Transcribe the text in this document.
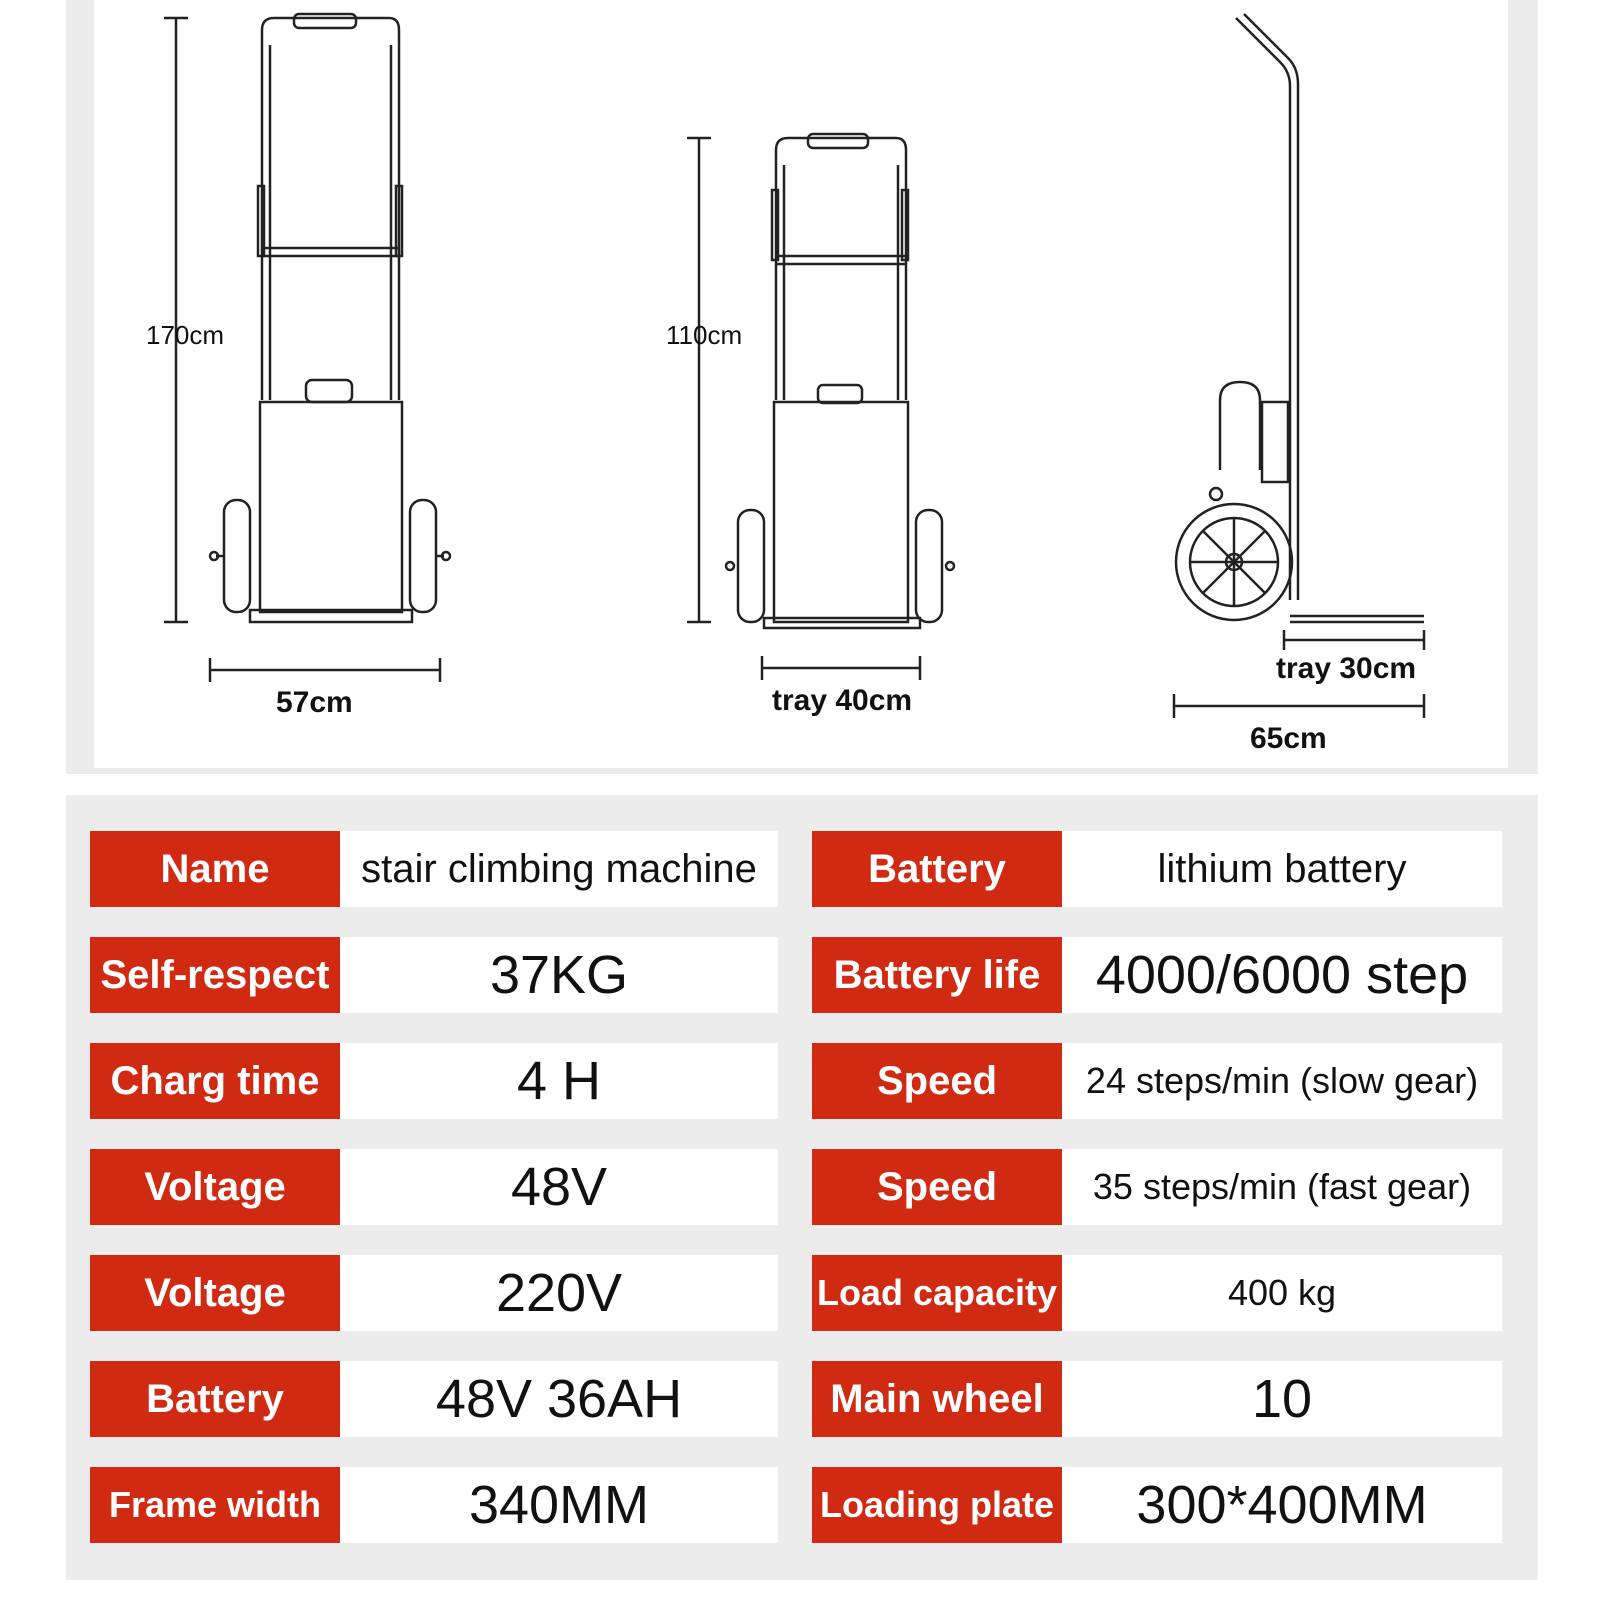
170cm
57cm
110cm
tray 40cm
tray 30cm
65cm
Name	stair climbing machine
Self-respect	37KG
Charg time	4 H
Voltage	48V
Voltage	220V
Battery	48V 36AH
Frame width	340MM
Battery	lithium battery
Battery life	4000/6000 step
Speed	24 steps/min (slow gear)
Speed	35 steps/min (fast gear)
Load capacity	400 kg
Main wheel	10
Loading plate	300*400MM
